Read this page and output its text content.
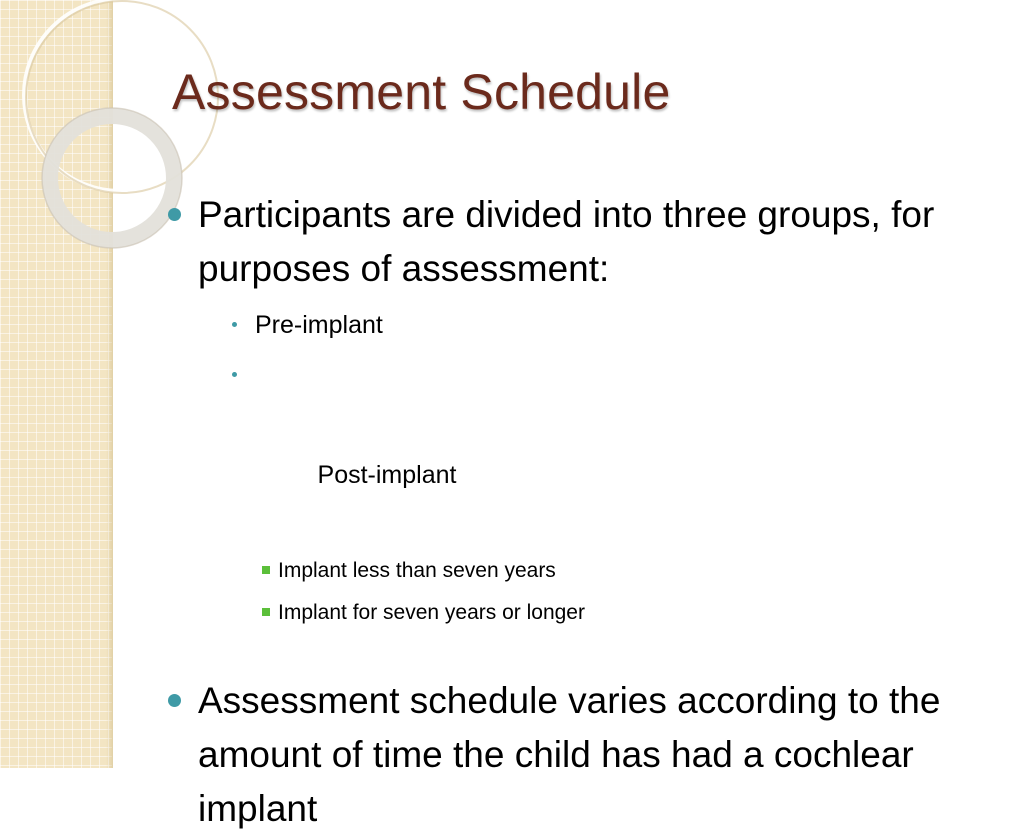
Assessment Schedule
Participants are divided into three groups, for purposes of assessment:
Pre-implant

Post-implant

Implant less than seven years
Implant for seven years or longer
Assessment schedule varies according to the amount of time the child has had a cochlear implant
